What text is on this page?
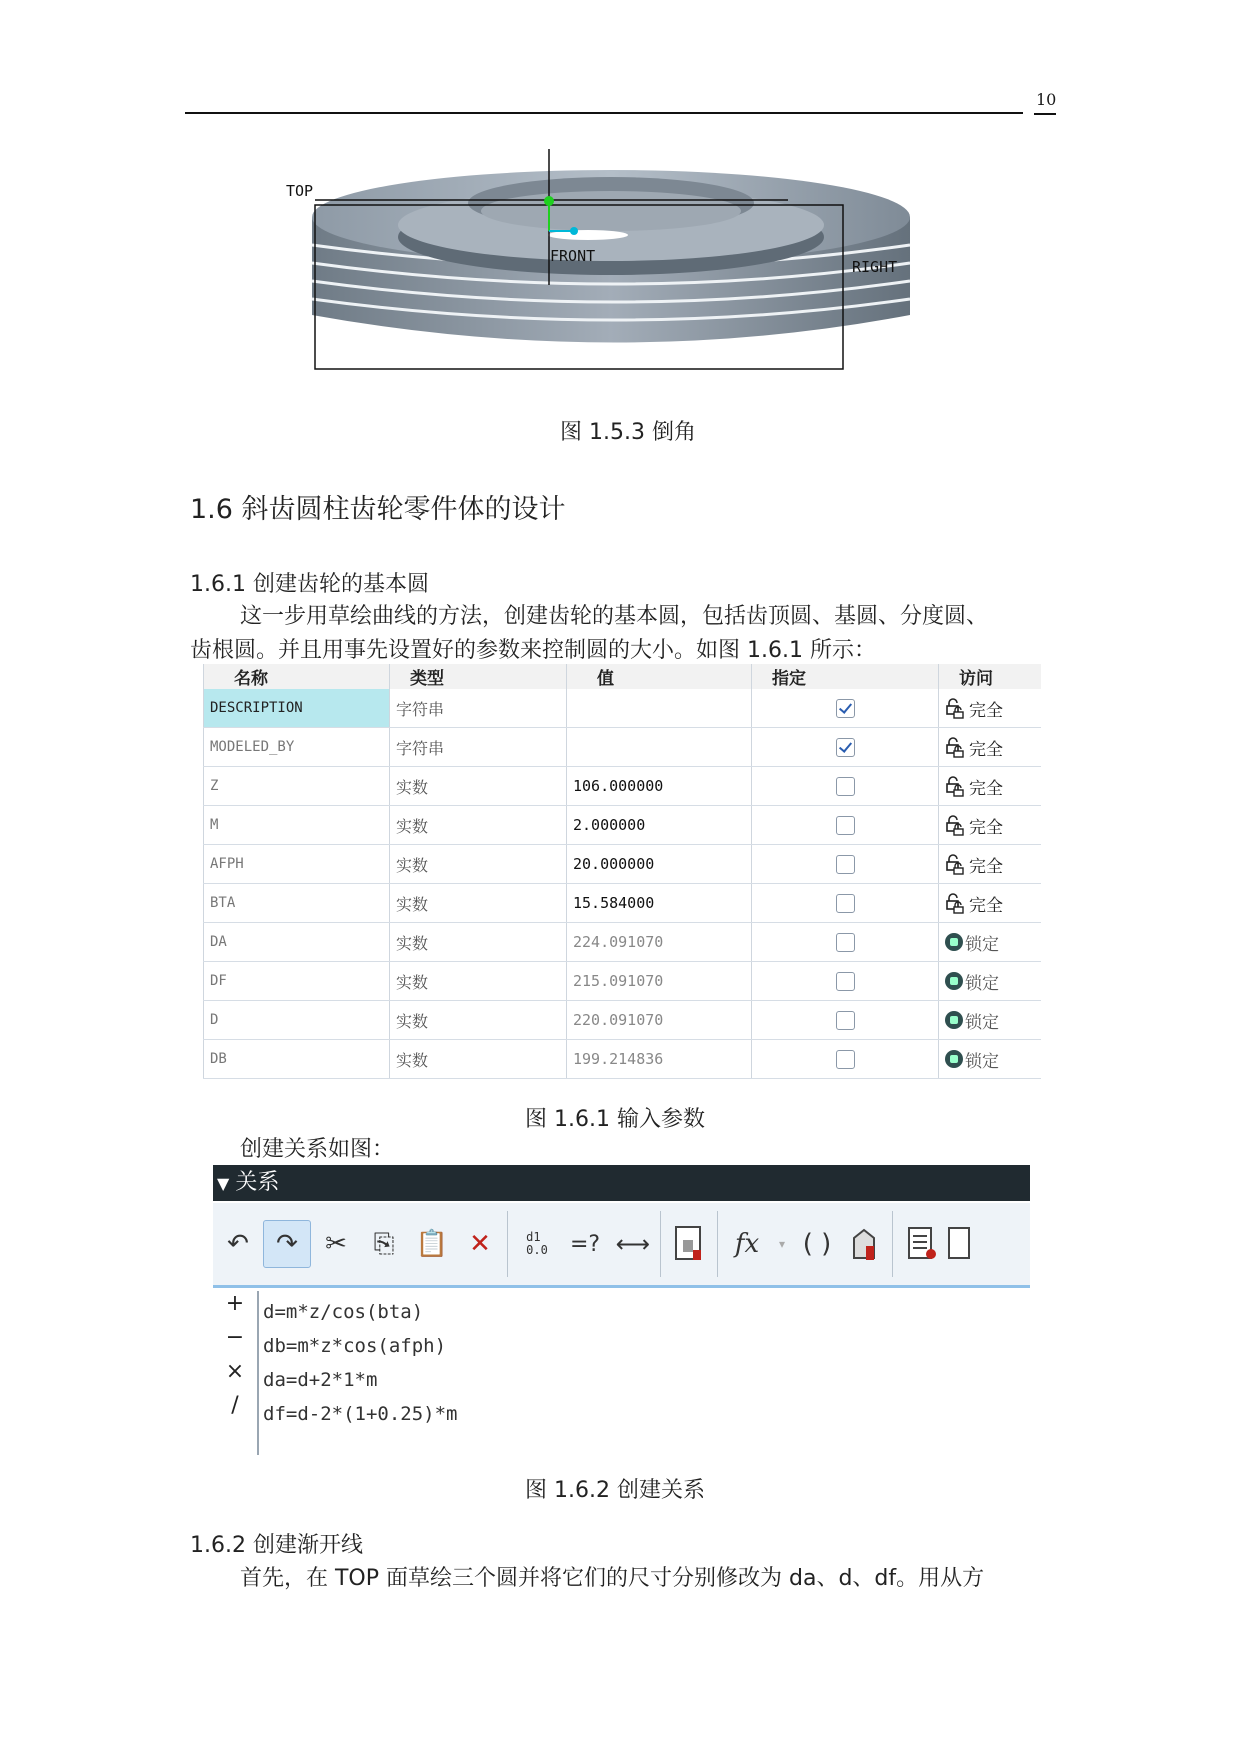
10
TOP
FRONT
RIGHT
图 1.5.3 倒角
1.6 斜齿圆柱齿轮零件体的设计
1.6.1 创建齿轮的基本圆
这一步用草绘曲线的方法，创建齿轮的基本圆，包括齿顶圆、基圆、分度圆、
齿根圆。并且用事先设置好的参数来控制圆的大小。如图 1.6.1 所示：
名称	类型	值	指定	访问
DESCRIPTION	字符串			完全

MODELED_BY	字符串			完全

Z	实数	106.000000		完全

M	实数	2.000000		完全

AFPH	实数	20.000000		完全

BTA	实数	15.584000		完全

DA	实数	224.091070		锁定

DF	实数	215.091070		锁定

D	实数	220.091070		锁定

DB	实数	199.214836		锁定
图 1.6.1 输入参数
创建关系如图：
▼ 关系
↶	↷	✂	⎘ 📋 ✕	d1
0.0	=? ⟷	fx	▾ ( )
+
−
×
/
d=m*z/cos(bta)
db=m*z*cos(afph)
da=d+2*1*m
df=d-2*(1+0.25)*m
图 1.6.2 创建关系
1.6.2 创建渐开线
首先，在 TOP 面草绘三个圆并将它们的尺寸分别修改为 da、d、df。用从方
